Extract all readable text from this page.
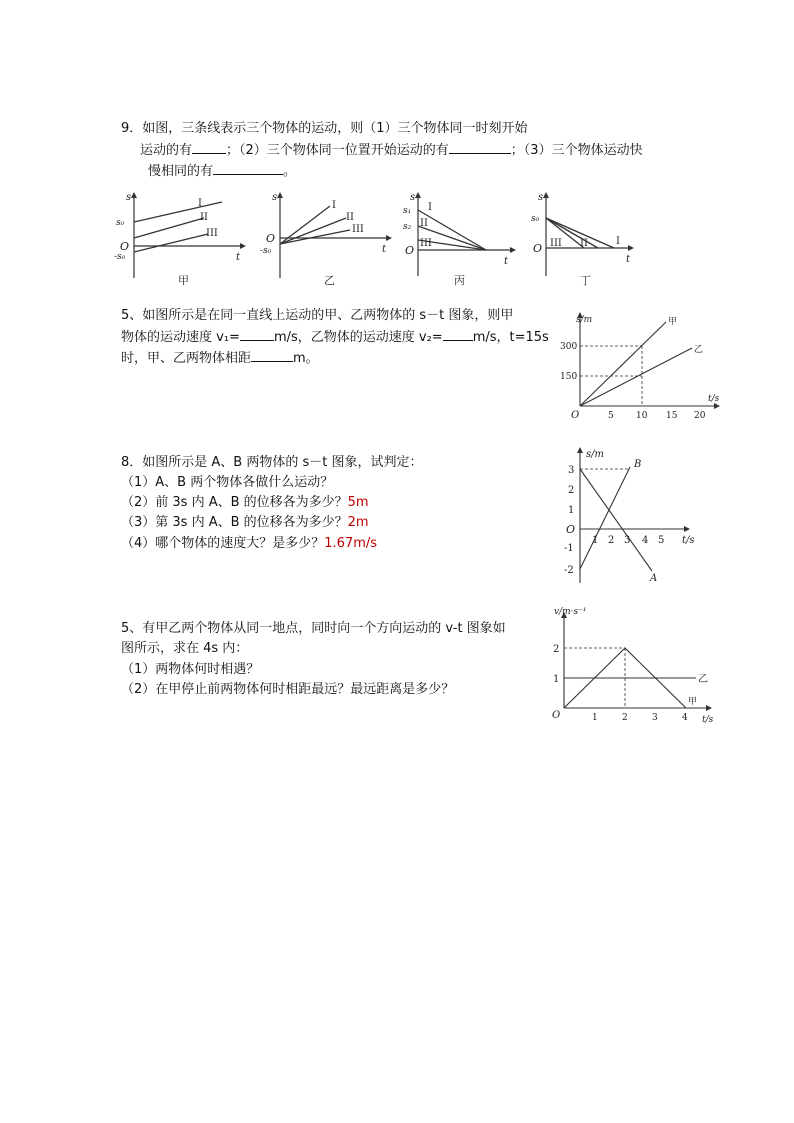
9．如图，三条线表示三个物体的运动，则（1）三个物体同一时刻开始
运动的有	；（2）三个物体同一位置开始运动的有	；（3）三个物体运动快
慢相同的有	。
s
t
O
s₀
-s₀
I
II
III
甲
s
t
O
-s₀
I
II
III
乙
s
t
O
s₁
s₂
I
II
III
丙
s
t
O
s₀
I
II
III
丁
5、如图所示是在同一直线上运动的甲、乙两物体的 s－t 图象，则甲
物体的运动速度 v₁=	m/s，乙物体的运动速度 v₂= m/s，t=15s
时，甲、乙两物体相距	m。
s/m
t/s
O
300
150
5 10 15 20
甲
乙
8．如图所示是 A、B 两物体的 s－t 图象，试判定：
（1）A、B 两个物体各做什么运动？
（2）前 3s 内 A、B 的位移各为多少？5m
（3）第 3s 内 A、B 的位移各为多少？2m
（4）哪个物体的速度大？是多少？1.67m/s
s/m
t/s
O
3
2
1
-1
-2
1 2 3 4 5
B
A
5、有甲乙两个物体从同一地点，同时向一个方向运动的 v-t 图象如
图所示，求在 4s 内：
（1）两物体何时相遇？
（2）在甲停止前两物体何时相距最远？最远距离是多少？
v/m·s⁻¹
t/s
O
2
1
1	2	3	4
乙
甲
